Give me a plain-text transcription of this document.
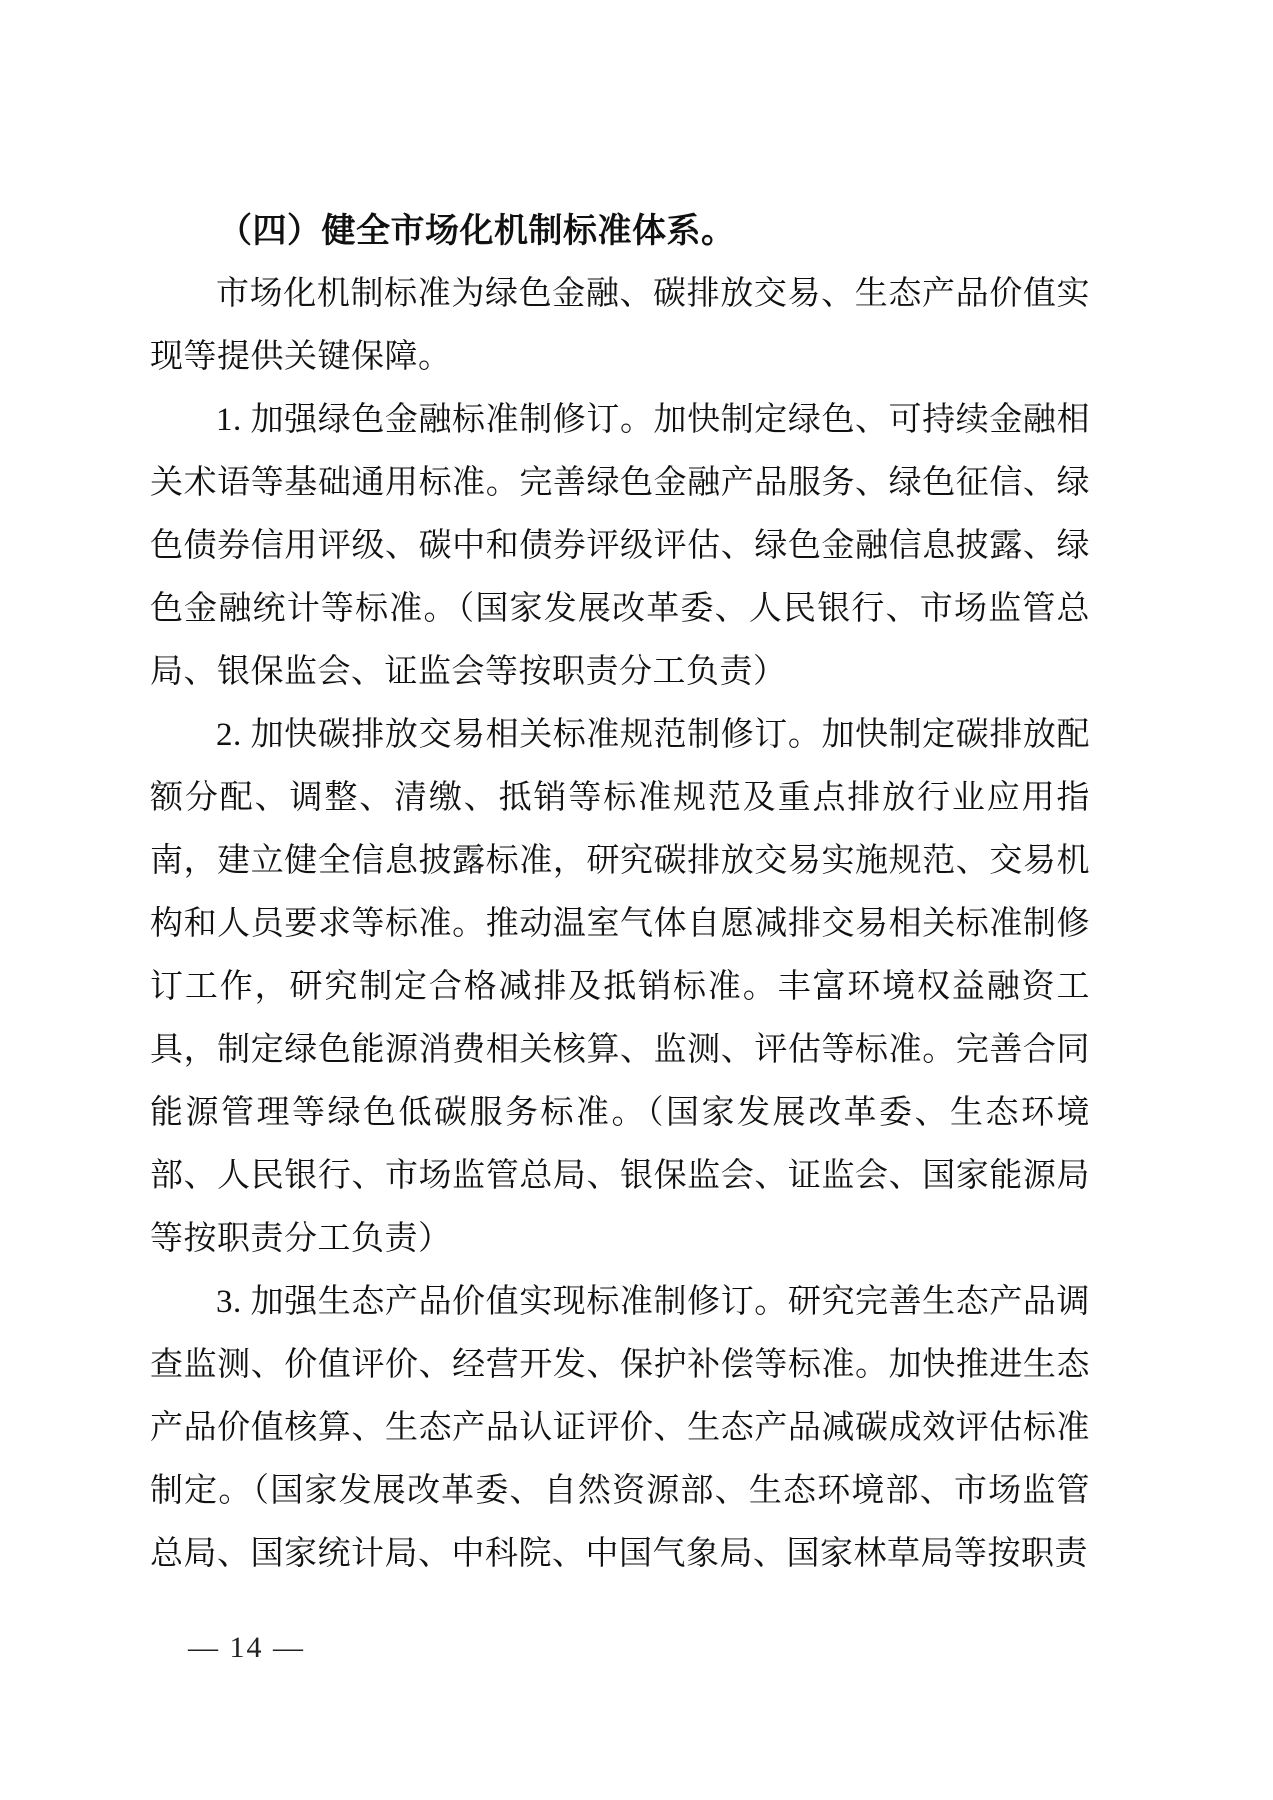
（四）健全市场化机制标准体系。

市场化机制标准为绿色金融、碳排放交易、生态产品价值实现等提供关键保障。

1. 加强绿色金融标准制修订。加快制定绿色、可持续金融相关术语等基础通用标准。完善绿色金融产品服务、绿色征信、绿色债券信用评级、碳中和债券评级评估、绿色金融信息披露、绿色金融统计等标准。（国家发展改革委、人民银行、市场监管总局、银保监会、证监会等按职责分工负责）

2. 加快碳排放交易相关标准规范制修订。加快制定碳排放配额分配、调整、清缴、抵销等标准规范及重点排放行业应用指南，建立健全信息披露标准，研究碳排放交易实施规范、交易机构和人员要求等标准。推动温室气体自愿减排交易相关标准制修订工作，研究制定合格减排及抵销标准。丰富环境权益融资工具，制定绿色能源消费相关核算、监测、评估等标准。完善合同能源管理等绿色低碳服务标准。（国家发展改革委、生态环境部、人民银行、市场监管总局、银保监会、证监会、国家能源局等按职责分工负责）

3. 加强生态产品价值实现标准制修订。研究完善生态产品调查监测、价值评价、经营开发、保护补偿等标准。加快推进生态产品价值核算、生态产品认证评价、生态产品减碳成效评估标准制定。（国家发展改革委、自然资源部、生态环境部、市场监管总局、国家统计局、中科院、中国气象局、国家林草局等按职责

— 14 —
